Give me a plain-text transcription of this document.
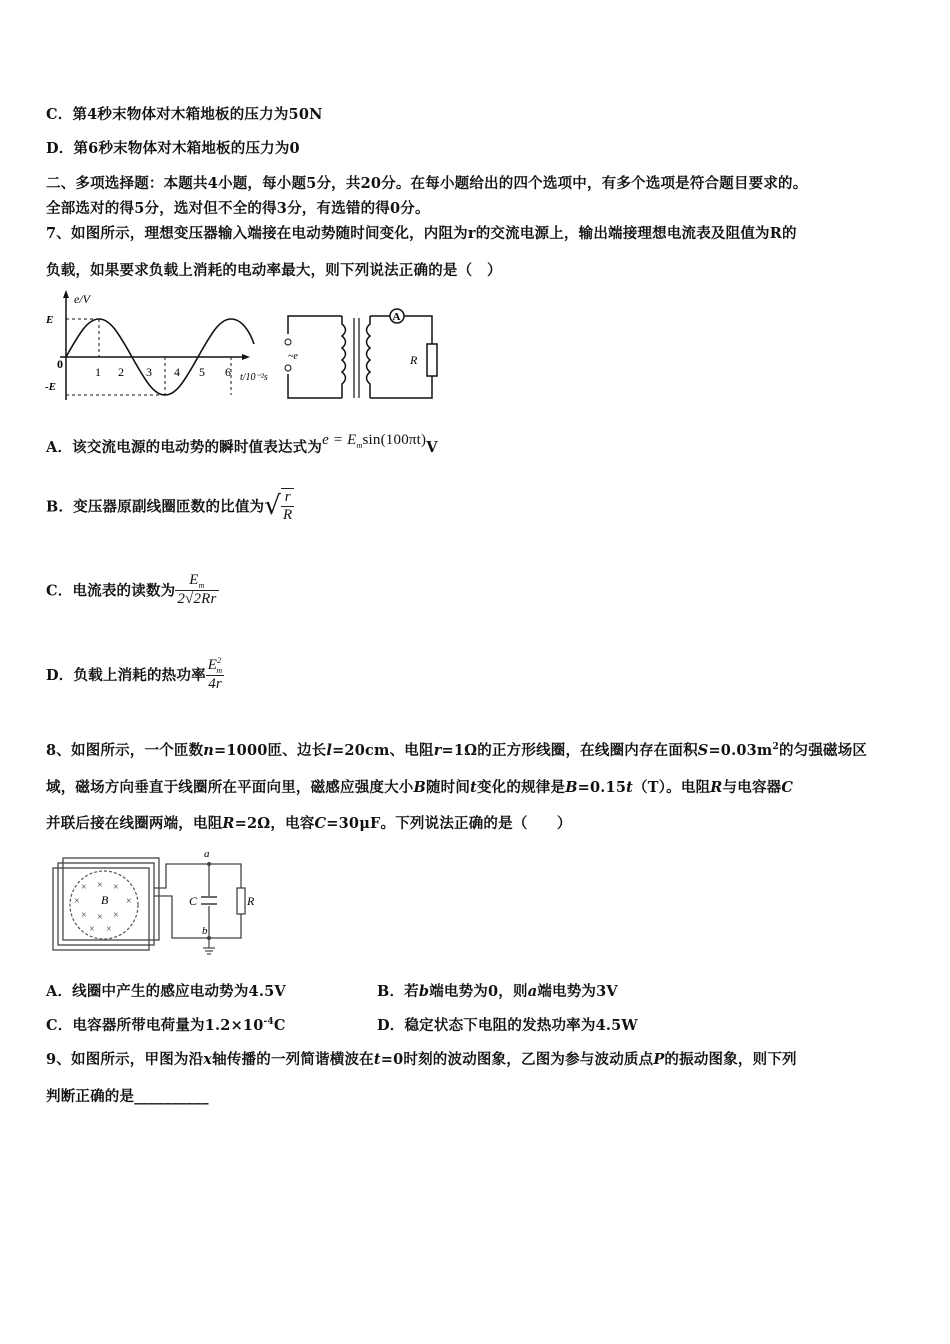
C．第4秒末物体对木箱地板的压力为50N
D．第6秒末物体对木箱地板的压力为0
二、多项选择题：本题共4小题，每小题5分，共20分。在每小题给出的四个选项中，有多个选项是符合题目要求的。
全部选对的得5分，选对但不全的得3分，有选错的得0分。
7、如图所示，理想变压器输入端接在电动势随时间变化，内阻为r的交流电源上，输出端接理想电流表及阻值为R的
负载，如果要求负载上消耗的电动率最大，则下列说法正确的是（　）
e/V
E
-E
0
1 2 3 4 5 6 t/10⁻²s
~e
A
R
A．该交流电源的电动势的瞬时值表达式为$e = E_m\sin(100\pi t)V$
B．变压器原副线圈匝数的比值为√ $\frac{r}{R}$
C．电流表的读数为 $\frac{E_m}{2√2Rr}$
D．负载上消耗的热功率 $\frac{E^2_m}{4r}$
8、如图所示，一个匝数n=1000匝、边长l=20cm、电阻r=1Ω的正方形线圈，在线圈内存在面积$S=0.03m^2$的匀强磁场区
域，磁场方向垂直于线圈所在平面向里，磁感应强度大小B随时间t变化的规律是B=0.15t（T）。电阻R与电容器C
并联后接在线圈两端，电阻R=2Ω，电容C=30μF。下列说法正确的是（　　）
× × ×
×	×
× × ×
× ×
B
a
b
C	R
A．线圈中产生的感应电动势为4.5V	B．若b端电势为0，则a端电势为3V
C．电容器所带电荷量为$1.2\times 10^{-4}C$	D．稳定状态下电阻的发热功率为4.5W
9、如图所示，甲图为沿x轴传播的一列简谐横波在t=0时刻的波动图象，乙图为参与波动质点P的振动图象，则下列
判断正确的是__________
